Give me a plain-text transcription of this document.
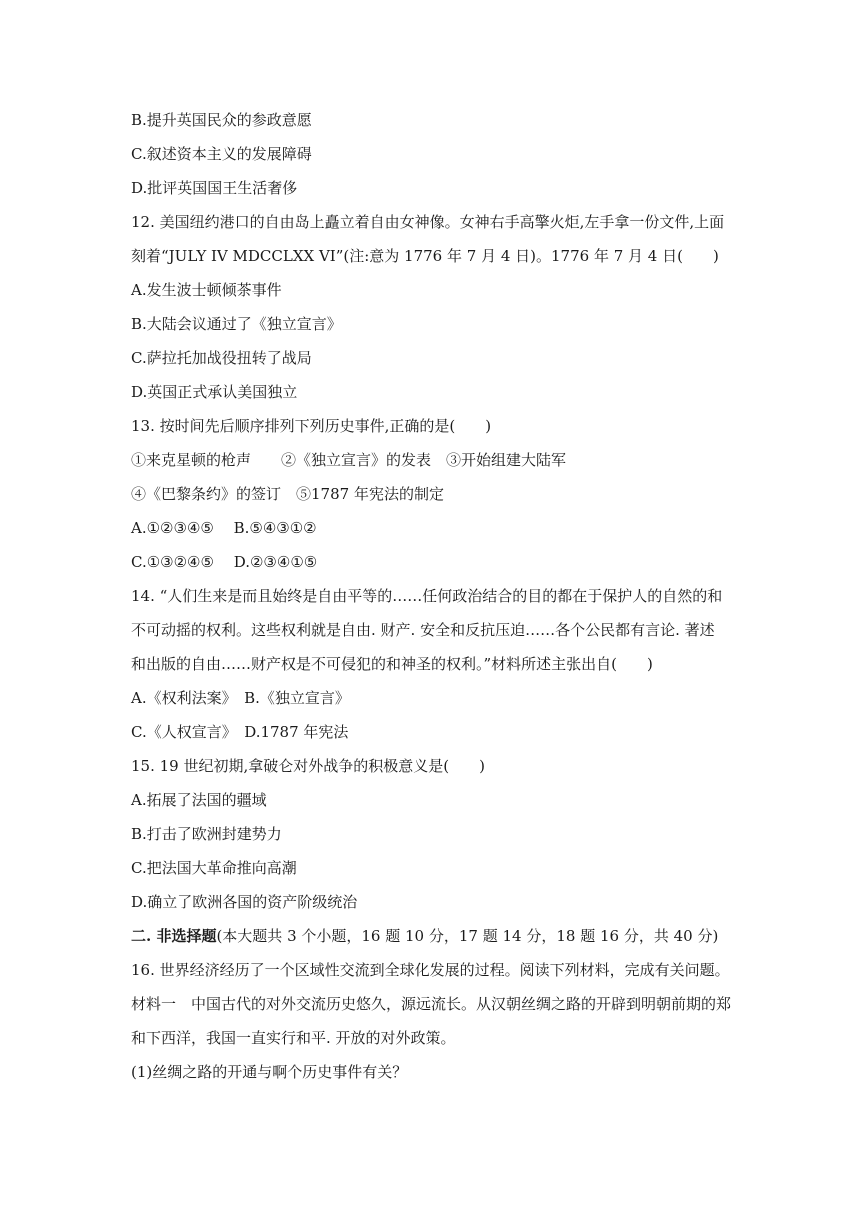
B.提升英国民众的参政意愿
C.叙述资本主义的发展障碍
D.批评英国国王生活奢侈
12. 美国纽约港口的自由岛上矗立着自由女神像。女神右手高擎火炬,左手拿一份文件,上面
刻着“JULY IV MDCCLXX VI”(注:意为 1776 年 7 月 4 日)。1776 年 7 月 4 日(　　)
A.发生波士顿倾茶事件
B.大陆会议通过了《独立宣言》
C.萨拉托加战役扭转了战局
D.英国正式承认美国独立
13. 按时间先后顺序排列下列历史事件,正确的是(　　)
①来克星顿的枪声　　②《独立宣言》的发表　③开始组建大陆军
④《巴黎条约》的签订　⑤1787 年宪法的制定
A.①②③④⑤　 B.⑤④③①②
C.①③②④⑤　 D.②③④①⑤
14. “人们生来是而且始终是自由平等的……任何政治结合的目的都在于保护人的自然的和
不可动摇的权利。这些权利就是自由. 财产. 安全和反抗压迫……各个公民都有言论. 著述
和出版的自由……财产权是不可侵犯的和神圣的权利。”材料所述主张出自(　　)
A.《权利法案》　B.《独立宣言》
C.《人权宣言》　D.1787 年宪法
15. 19 世纪初期,拿破仑对外战争的积极意义是(　　)
A.拓展了法国的疆域
B.打击了欧洲封建势力
C.把法国大革命推向高潮
D.确立了欧洲各国的资产阶级统治
二. 非选择题(本大题共 3 个小题，16 题 10 分，17 题 14 分，18 题 16 分，共 40 分)
16. 世界经济经历了一个区域性交流到全球化发展的过程。阅读下列材料，完成有关问题。
材料一　中国古代的对外交流历史悠久，源远流长。从汉朝丝绸之路的开辟到明朝前期的郑
和下西洋，我国一直实行和平. 开放的对外政策。
(1)丝绸之路的开通与啊个历史事件有关？
